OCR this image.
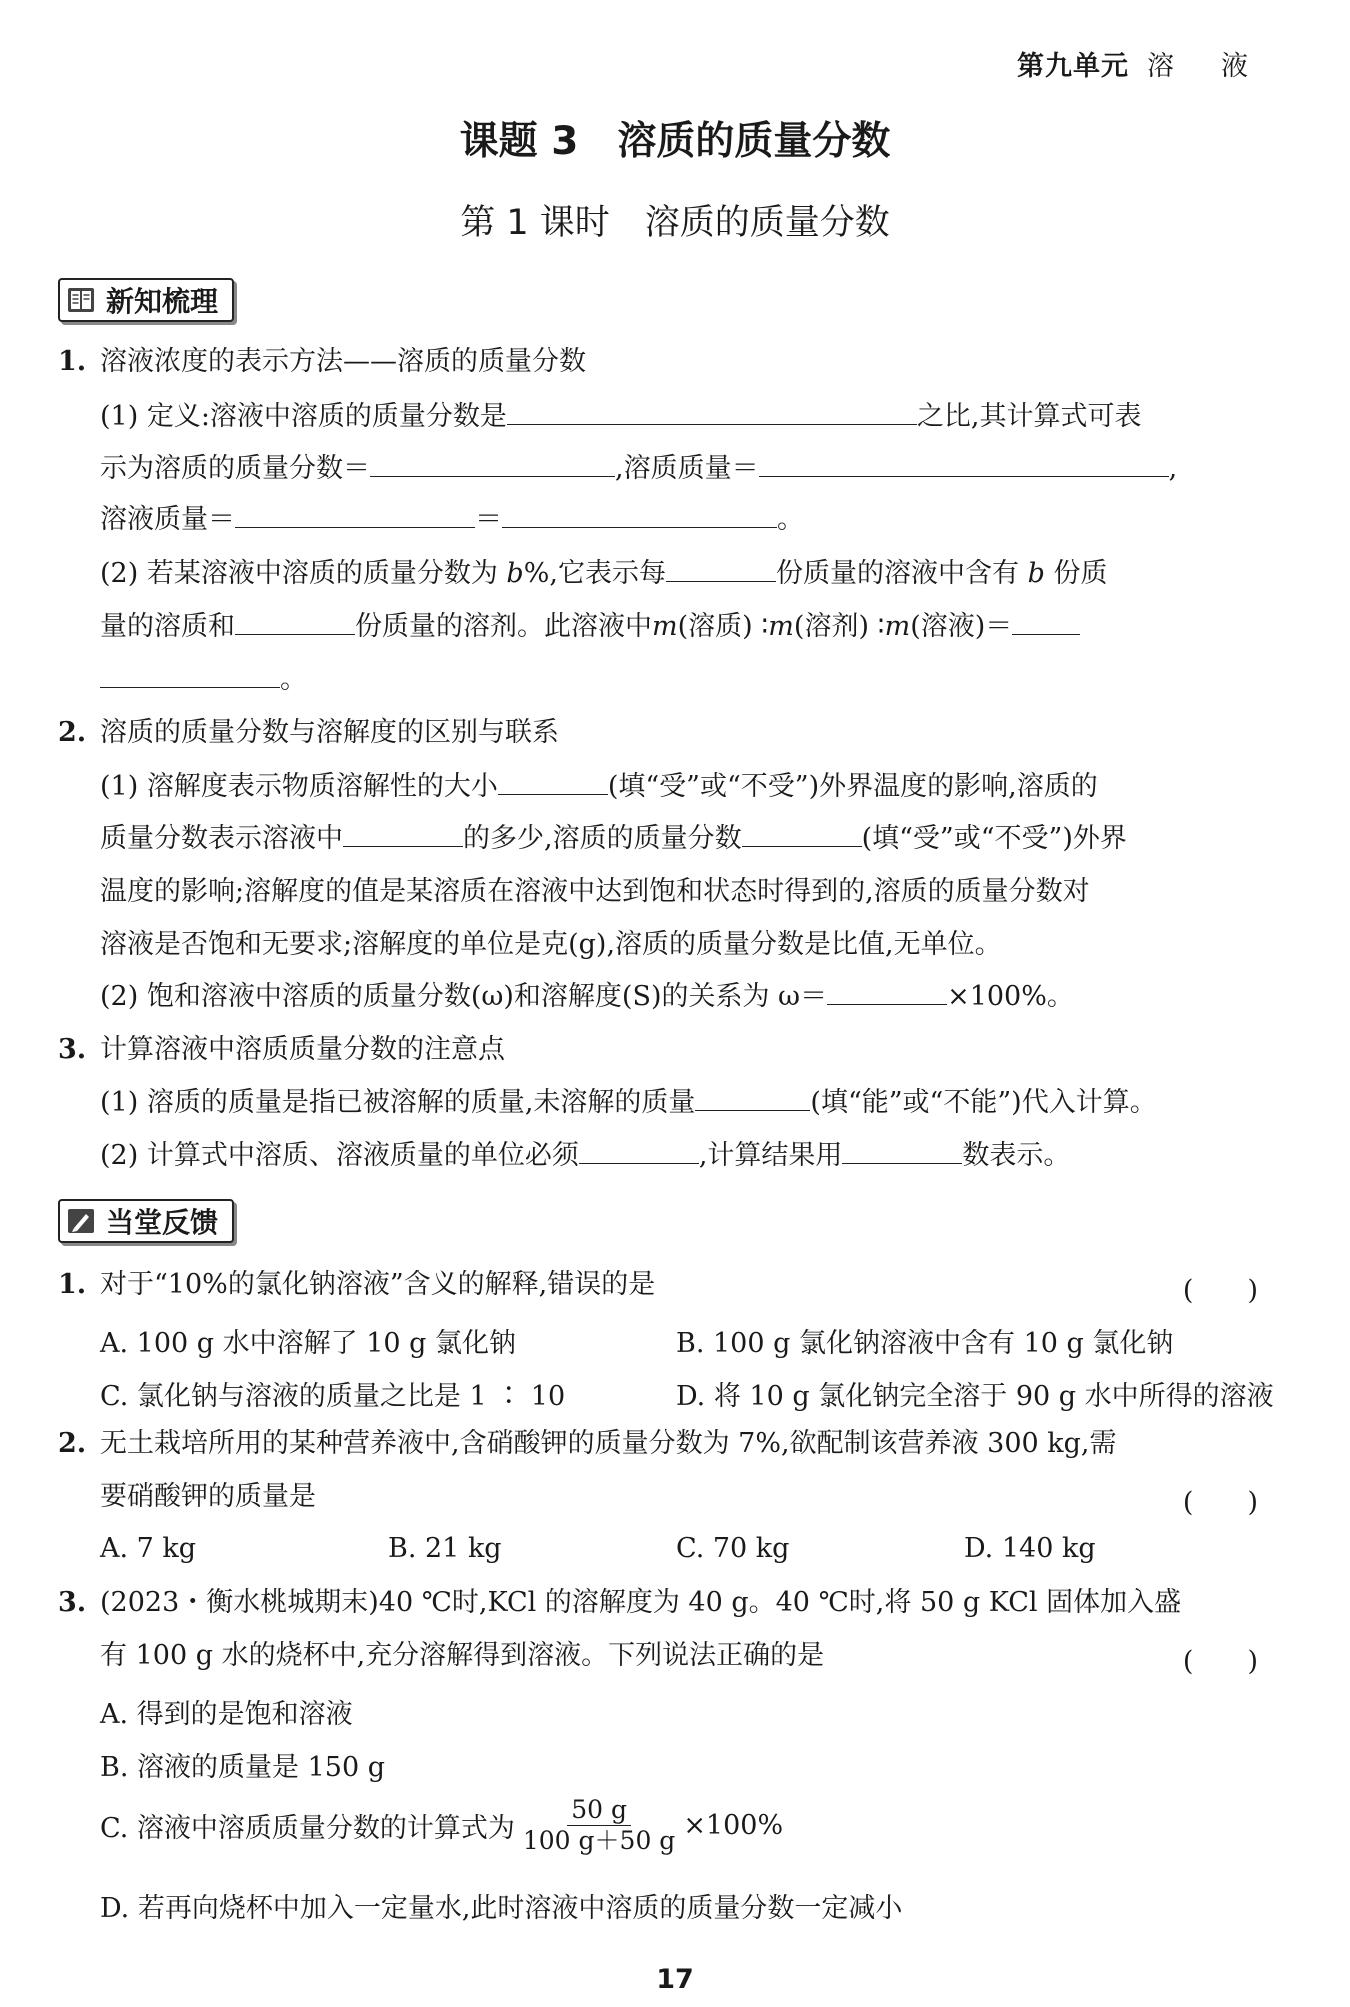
第九单元 溶　液
课题 3　溶质的质量分数
第 1 课时　溶质的质量分数
新知梳理
1. 溶液浓度的表示方法——溶质的质量分数
(1) 定义:溶液中溶质的质量分数是	之比,其计算式可表
示为溶质的质量分数＝	,溶质质量＝	,
溶液质量＝	＝	。
(2) 若某溶液中溶质的质量分数为 b%,它表示每	份质量的溶液中含有 b 份质
量的溶质和	份质量的溶剂。此溶液中m(溶质) ∶m(溶剂) ∶m(溶液)＝
。
2. 溶质的质量分数与溶解度的区别与联系
(1) 溶解度表示物质溶解性的大小	(填“受”或“不受”)外界温度的影响,溶质的
质量分数表示溶液中	的多少,溶质的质量分数	(填“受”或“不受”)外界
温度的影响;溶解度的值是某溶质在溶液中达到饱和状态时得到的,溶质的质量分数对
溶液是否饱和无要求;溶解度的单位是克(g),溶质的质量分数是比值,无单位。
(2) 饱和溶液中溶质的质量分数(ω)和溶解度(S)的关系为 ω＝	×100%。
3. 计算溶液中溶质质量分数的注意点
(1) 溶质的质量是指已被溶解的质量,未溶解的质量	(填“能”或“不能”)代入计算。
(2) 计算式中溶质、溶液质量的单位必须	,计算结果用	数表示。
当堂反馈
1. 对于“10%的氯化钠溶液”含义的解释,错误的是	(　　)
A. 100 g 水中溶解了 10 g 氯化钠	B. 100 g 氯化钠溶液中含有 10 g 氯化钠
C. 氯化钠与溶液的质量之比是 1 ∶ 10	D. 将 10 g 氯化钠完全溶于 90 g 水中所得的溶液
2. 无土栽培所用的某种营养液中,含硝酸钾的质量分数为 7%,欲配制该营养液 300 kg,需
要硝酸钾的质量是	(　　)
A. 7 kg	B. 21 kg	C. 70 kg	D. 140 kg
3. (2023・衡水桃城期末)40 ℃时,KCl 的溶解度为 40 g。40 ℃时,将 50 g KCl 固体加入盛
有 100 g 水的烧杯中,充分溶解得到溶液。下列说法正确的是	(　　)
A. 得到的是饱和溶液
B. 溶液的质量是 150 g
C. 溶液中溶质质量分数的计算式为 $\frac{50 g}{100 g+50 g} \times 100\%$
D. 若再向烧杯中加入一定量水,此时溶液中溶质的质量分数一定减小
17
